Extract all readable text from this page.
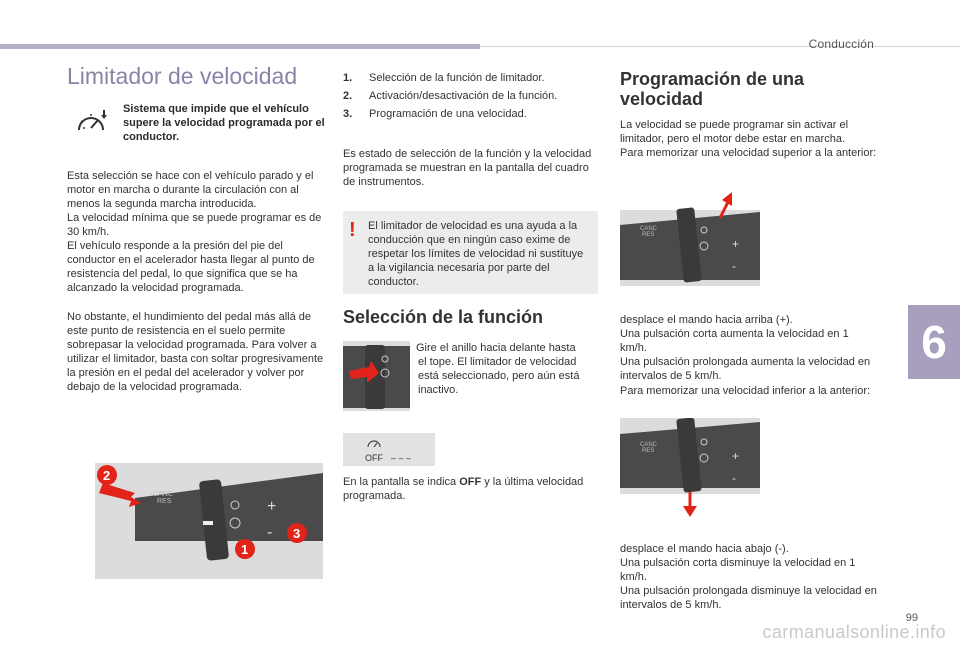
Conducción
6
99
carmanualsonline.info
Limitador de velocidad
Sistema que impide que el vehículo supere la velocidad programada por el conductor.
Esta selección se hace con el vehículo parado y el motor en marcha o durante la circulación con al menos la segunda marcha introducida.
La velocidad mínima que se puede programar es de 30 km/h.
El vehículo responde a la presión del pie del conductor en el acelerador hasta llegar al punto de resistencia del pedal, lo que significa que se ha alcanzado la velocidad programada.
No obstante, el hundimiento del pedal más allá de este punto de resistencia en el suelo permite sobrepasar la velocidad programada. Para volver a utilizar el limitador, basta con soltar progresivamente la presión en el pedal del acelerador y volver por debajo de la velocidad programada.
CANC
RES	+
-
2
3
1
1.	Selección de la función de limitador.
2.	Activación/desactivación de la función.
3.	Programación de una velocidad.
Es estado de selección de la función y la velocidad programada se muestran en la pantalla del cuadro de instrumentos.
! El limitador de velocidad es una ayuda a la conducción que en ningún caso exime de respetar los límites de velocidad ni sustituye a la vigilancia necesaria por parte del conductor.
Selección de la función
Gire el anillo hacia delante hasta el tope. El limitador de velocidad está seleccionado, pero aún está inactivo.
OFF – – –
En la pantalla se indica OFF y la última velocidad programada.
Programación de una velocidad
La velocidad se puede programar sin activar el limitador, pero el motor debe estar en marcha.
Para memorizar una velocidad superior a la anterior:
CANC
RES
+
-
desplace el mando hacia arriba (+).
Una pulsación corta aumenta la velocidad en 1 km/h.
Una pulsación prolongada aumenta la velocidad en intervalos de 5 km/h.
Para memorizar una velocidad inferior a la anterior:
CANC
RES	+
-
desplace el mando hacia abajo (-).
Una pulsación corta disminuye la velocidad en 1 km/h.
Una pulsación prolongada disminuye la velocidad en intervalos de 5 km/h.
